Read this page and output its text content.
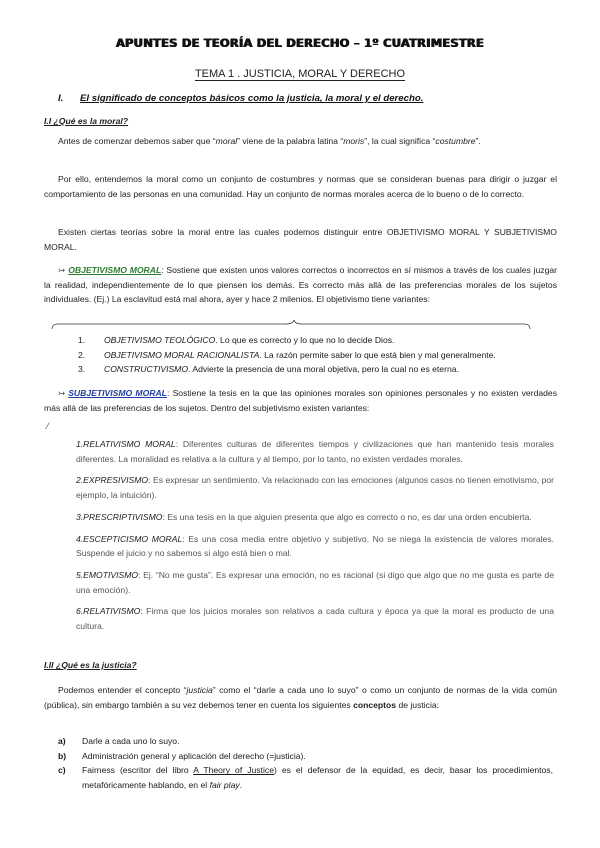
APUNTES DE TEORÍA DEL DERECHO – 1º CUATRIMESTRE
TEMA 1 . JUSTICIA, MORAL Y DERECHO
I. El significado de conceptos básicos como la justicia, la moral y el derecho.
I.I ¿Qué es la moral?
Antes de comenzar debemos saber que “moral” viene de la palabra latina “moris”, la cual significa “costumbre”.
Por ello, entendemos la moral como un conjunto de costumbres y normas que se consideran buenas para dirigir o juzgar el comportamiento de las personas en una comunidad. Hay un conjunto de normas morales acerca de lo bueno o de lo correcto.
Existen ciertas teorías sobre la moral entre las cuales podemos distinguir entre OBJETIVISMO MORAL Y SUBJETIVISMO MORAL.
↣ OBJETIVISMO MORAL: Sostiene que existen unos valores correctos o incorrectos en sí mismos a través de los cuales juzgar la realidad, independientemente de lo que piensen los demás. Es correcto más allá de las preferencias morales de los sujetos individuales. (Ej.) La esclavitud está mal ahora, ayer y hace 2 milenios. El objetivismo tiene variantes:
1.	OBJETIVISMO TEOLÓGICO. Lo que es correcto y lo que no lo decide Dios.
2.	OBJETIVISMO MORAL RACIONALISTA. La razón permite saber lo que está bien y mal generalmente.
3.	CONSTRUCTIVISMO. Advierte la presencia de una moral objetiva, pero la cual no es eterna.
↣ SUBJETIVISMO MORAL: Sostiene la tesis en la que las opiniones morales son opiniones personales y no existen verdades más allá de las preferencias de los sujetos. Dentro del subjetivismo existen variantes:
⁄
1.RELATIVISMO MORAL: Diferentes culturas de diferentes tiempos y civilizaciones que han mantenido tesis morales diferentes. La moralidad es relativa a la cultura y al tiempo, por lo tanto, no existen verdades morales.
2.EXPRESIVISMO: Es expresar un sentimiento. Va relacionado con las emociones (algunos casos no tienen emotivismo, por ejemplo, la intuición).
3.PRESCRIPTIVISMO: Es una tesis en la que alguien presenta que algo es correcto o no, es dar una orden encubierta.
4.ESCEPTICISMO MORAL: Es una cosa media entre objetivo y subjetivo. No se niega la existencia de valores morales. Suspende el juicio y no sabemos si algo está bien o mal.
5.EMOTIVISMO: Ej. “No me gusta”. Es expresar una emoción, no es racional (si digo que algo que no me gusta es parte de una emoción).
6.RELATIVISMO: Firma que los juicios morales son relativos a cada cultura y época ya que la moral es producto de una cultura.
I.II ¿Qué es la justicia?
Podemos entender el concepto “justicia” como el “darle a cada uno lo suyo” o como un conjunto de normas de la vida común (pública), sin embargo también a su vez debemos tener en cuenta los siguientes conceptos de justicia:
a)	Darle a cada uno lo suyo.
b)	Administración general y aplicación del derecho (=justicia).
c)	Fairness (escritor del libro A Theory of Justice) es el defensor de la equidad, es decir, basar los procedimientos, metafóricamente hablando, en el fair play.
